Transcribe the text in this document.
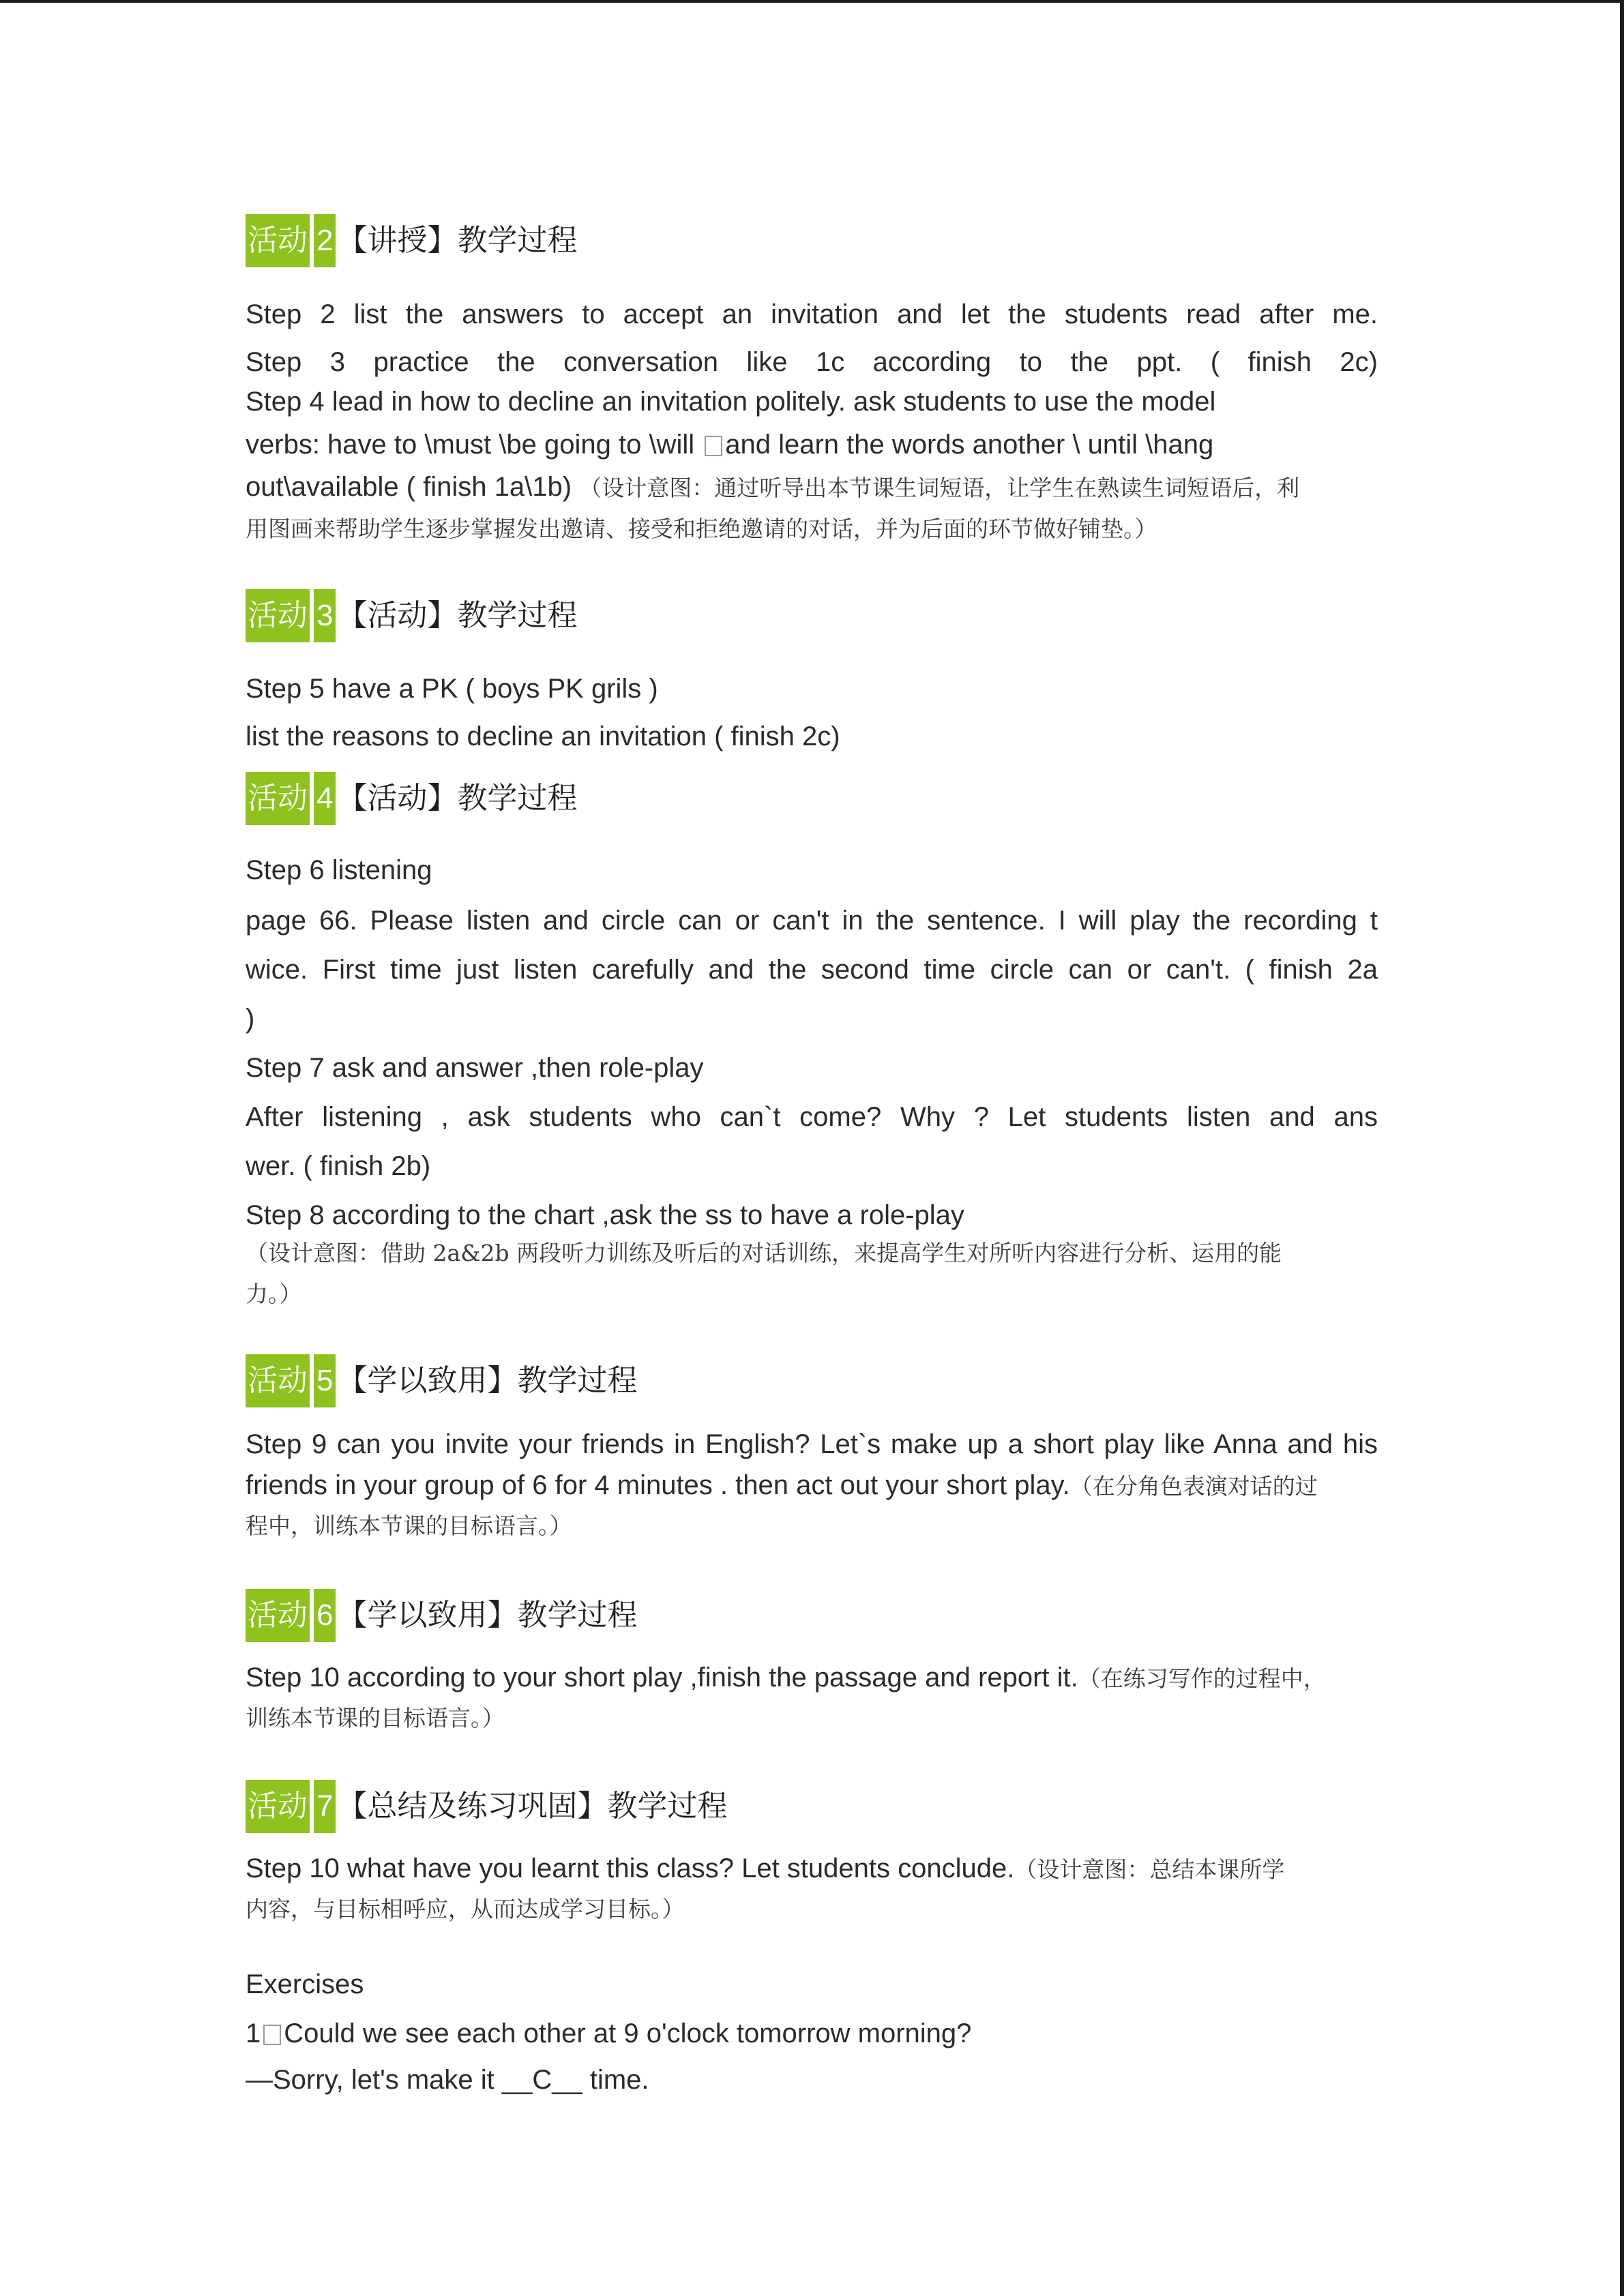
活动 2 【讲授】教学过程
Step 2 list the answers to accept an invitation and let the students read after me.
Step 3 practice the conversation like 1c according to the ppt. ( finish 2c)
Step 4 lead in how to decline an invitation politely. ask students to use the model
verbs: have to \must \be going to \will and learn the words another \ until \hang
out\available ( finish 1a\1b) （设计意图：通过听导出本节课生词短语，让学生在熟读生词短语后，利
用图画来帮助学生逐步掌握发出邀请、接受和拒绝邀请的对话，并为后面的环节做好铺垫。）
活动 3 【活动】教学过程
Step 5 have a PK ( boys PK grils )
list the reasons to decline an invitation ( finish 2c)
活动 4 【活动】教学过程
Step 6 listening
page 66. Please listen and circle can or can't in the sentence. I will play the recording t
wice. First time just listen carefully and the second time circle can or can't. ( finish 2a
)
Step 7 ask and answer ,then role-play
After listening , ask students who can`t come? Why ? Let students listen and ans
wer. ( finish 2b)
Step 8 according to the chart ,ask the ss to have a role-play
（设计意图：借助 2a&2b 两段听力训练及听后的对话训练，来提高学生对所听内容进行分析、运用的能
力。）
活动 5 【学以致用】教学过程
Step 9 can you invite your friends in English? Let`s make up a short play like Anna and his
friends in your group of 6 for 4 minutes . then act out your short play.（在分角色表演对话的过
程中，训练本节课的目标语言。）
活动 6 【学以致用】教学过程
Step 10 according to your short play ,finish the passage and report it.（在练习写作的过程中，
训练本节课的目标语言。）
活动 7 【总结及练习巩固】教学过程
Step 10 what have you learnt this class? Let students conclude.（设计意图：总结本课所学
内容，与目标相呼应，从而达成学习目标。）
Exercises
1 Could we see each other at 9 o'clock tomorrow morning?
—Sorry, let's make it __C__ time.
